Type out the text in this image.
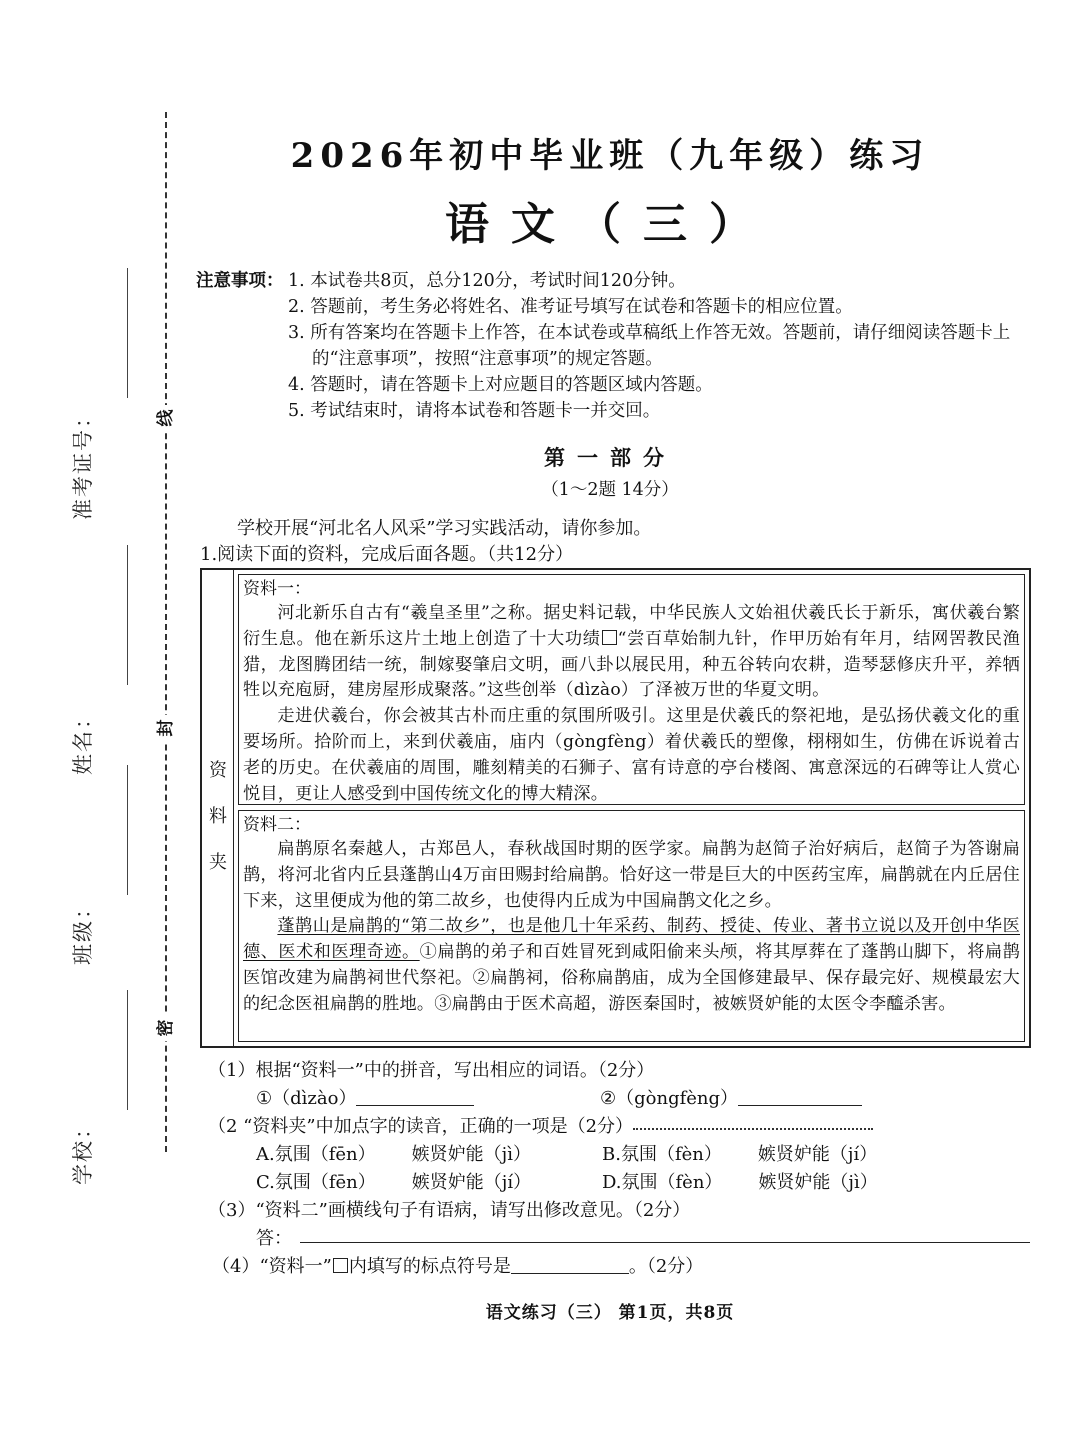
线
封
密
准考证号：
姓名：
班级：
学校：
2026年初中毕业班（九年级）练习
语文（三）
注意事项： 1. 本试卷共8页，总分120分，考试时间120分钟。
2. 答题前，考生务必将姓名、准考证号填写在试卷和答题卡的相应位置。
3. 所有答案均在答题卡上作答，在本试卷或草稿纸上作答无效。答题前，请仔细阅读答题卡上的“注意事项”，按照“注意事项”的规定答题。
4. 答题时，请在答题卡上对应题目的答题区域内答题。
5. 考试结束时，请将本试卷和答题卡一并交回。
第一部分
（1～2题 14分）
学校开展“河北名人风采”学习实践活动，请你参加。
1.阅读下面的资料，完成后面各题。（共12分）
资
料
夹
资料一：

河北新乐自古有“羲皇圣里”之称。据史料记载，中华民族人文始祖伏羲氏长于新乐，寓伏羲台繁衍生息。他在新乐这片土地上创造了十大功绩 “尝百草始制九针，作甲历始有年月，结网罟教民渔猎，龙图腾团结一统，制嫁娶肇启文明，画八卦以展民用，种五谷转向农耕，造琴瑟修庆升平，养牺牲以充庖厨，建房屋形成聚落。”这些创举（dìzào）了泽被万世的华夏文明。

走进伏羲台，你会被其古朴而庄重的氛围所吸引。这里是伏羲氏的祭祀地，是弘扬伏羲文化的重要场所。拾阶而上，来到伏羲庙，庙内（gòngfèng）着伏羲氏的塑像，栩栩如生，仿佛在诉说着古老的历史。在伏羲庙的周围，雕刻精美的石狮子、富有诗意的亭台楼阁、寓意深远的石碑等让人赏心悦目，更让人感受到中国传统文化的博大精深。

资料二：

扁鹊原名秦越人，古郑邑人，春秋战国时期的医学家。扁鹊为赵简子治好病后，赵简子为答谢扁鹊，将河北省内丘县蓬鹊山4万亩田赐封给扁鹊。恰好这一带是巨大的中医药宝库，扁鹊就在内丘居住下来，这里便成为他的第二故乡，也使得内丘成为中国扁鹊文化之乡。

蓬鹊山是扁鹊的“第二故乡”，也是他几十年采药、制药、授徒、传业、著书立说以及开创中华医德、医术和医理奇迹。①扁鹊的弟子和百姓冒死到咸阳偷来头颅，将其厚葬在了蓬鹊山脚下，将扁鹊医馆改建为扁鹊祠世代祭祀。②扁鹊祠，俗称扁鹊庙，成为全国修建最早、保存最完好、规模最宏大的纪念医祖扁鹊的胜地。③扁鹊由于医术高超，游医秦国时，被嫉贤妒能的太医令李醯杀害。

（1）根据“资料一”中的拼音，写出相应的词语。（2分）
①（dìzào）	②（gòngfèng）
（2 “资料夹”中加点字的读音，正确的一项是（2分）
A.氛围（fēn） 嫉贤妒能（jì）	B.氛围（fèn） 嫉贤妒能（jí）
C.氛围（fēn） 嫉贤妒能（jí）	D.氛围（fèn） 嫉贤妒能（jì）
（3）“资料二”画横线句子有语病，请写出修改意见。（2分）
答：
（4）“资料一” 内填写的标点符号是	。（2分）
语文练习（三） 第1页，共8页
